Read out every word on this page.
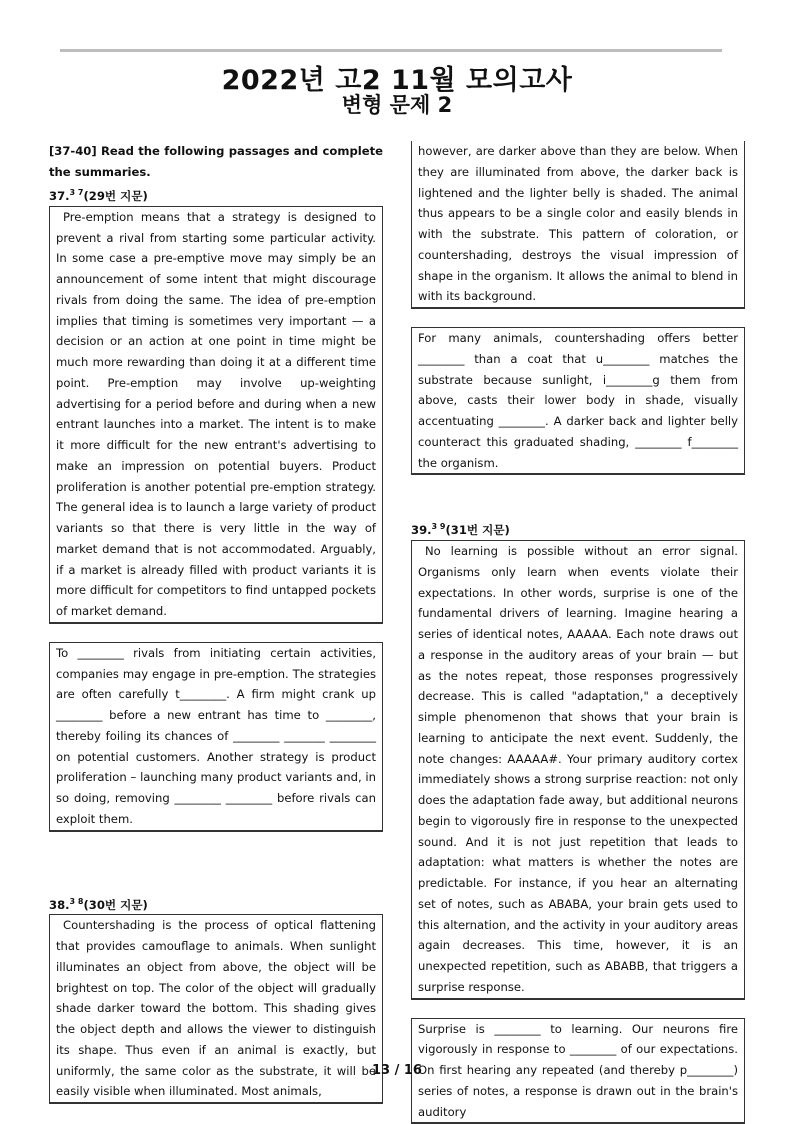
2022년 고2 11월 모의고사
변형 문제 2

[37-40] Read the following passages and complete the summaries.

37.$^{3 7}$(29번 지문)

Pre-emption means that a strategy is designed to prevent a rival from starting some particular activity. In some case a pre-emptive move may simply be an announcement of some intent that might discourage rivals from doing the same. The idea of pre-emption implies that timing is sometimes very important — a decision or an action at one point in time might be much more rewarding than doing it at a different time point. Pre-emption may involve up-weighting advertising for a period before and during when a new entrant launches into a market. The intent is to make it more difficult for the new entrant's advertising to make an impression on potential buyers. Product proliferation is another potential pre-emption strategy. The general idea is to launch a large variety of product variants so that there is very little in the way of market demand that is not accommodated. Arguably, if a market is already filled with product variants it is more difficult for competitors to find untapped pockets of market demand.

To ________ rivals from initiating certain activities, companies may engage in pre-emption. The strategies are often carefully t________. A firm might crank up ________ before a new entrant has time to ________, thereby foiling its chances of ________ _______ ________ on potential customers. Another strategy is product proliferation – launching many product variants and, in so doing, removing ________ ________ before rivals can exploit them.

38.$^{3 8}$(30번 지문)

Countershading is the process of optical flattening that provides camouflage to animals. When sunlight illuminates an object from above, the object will be brightest on top. The color of the object will gradually shade darker toward the bottom. This shading gives the object depth and allows the viewer to distinguish its shape. Thus even if an animal is exactly, but uniformly, the same color as the substrate, it will be easily visible when illuminated. Most animals,

however, are darker above than they are below. When they are illuminated from above, the darker back is lightened and the lighter belly is shaded. The animal thus appears to be a single color and easily blends in with the substrate. This pattern of coloration, or countershading, destroys the visual impression of shape in the organism. It allows the animal to blend in with its background.

For many animals, countershading offers better ________ than a coat that u________ matches the substrate because sunlight, i________g them from above, casts their lower body in shade, visually accentuating ________. A darker back and lighter belly counteract this graduated shading, ________ f________ the organism.

39.$^{3 9}$(31번 지문)

No learning is possible without an error signal. Organisms only learn when events violate their expectations. In other words, surprise is one of the fundamental drivers of learning. Imagine hearing a series of identical notes, AAAAA. Each note draws out a response in the auditory areas of your brain — but as the notes repeat, those responses progressively decrease. This is called "adaptation," a deceptively simple phenomenon that shows that your brain is learning to anticipate the next event. Suddenly, the note changes: AAAAA#. Your primary auditory cortex immediately shows a strong surprise reaction: not only does the adaptation fade away, but additional neurons begin to vigorously fire in response to the unexpected sound. And it is not just repetition that leads to adaptation: what matters is whether the notes are predictable. For instance, if you hear an alternating set of notes, such as ABABA, your brain gets used to this alternation, and the activity in your auditory areas again decreases. This time, however, it is an unexpected repetition, such as ABABB, that triggers a surprise response.

Surprise is ________ to learning. Our neurons fire vigorously in response to ________ of our expectations. On first hearing any repeated (and thereby p________) series of notes, a response is drawn out in the brain's auditory

13 / 16
